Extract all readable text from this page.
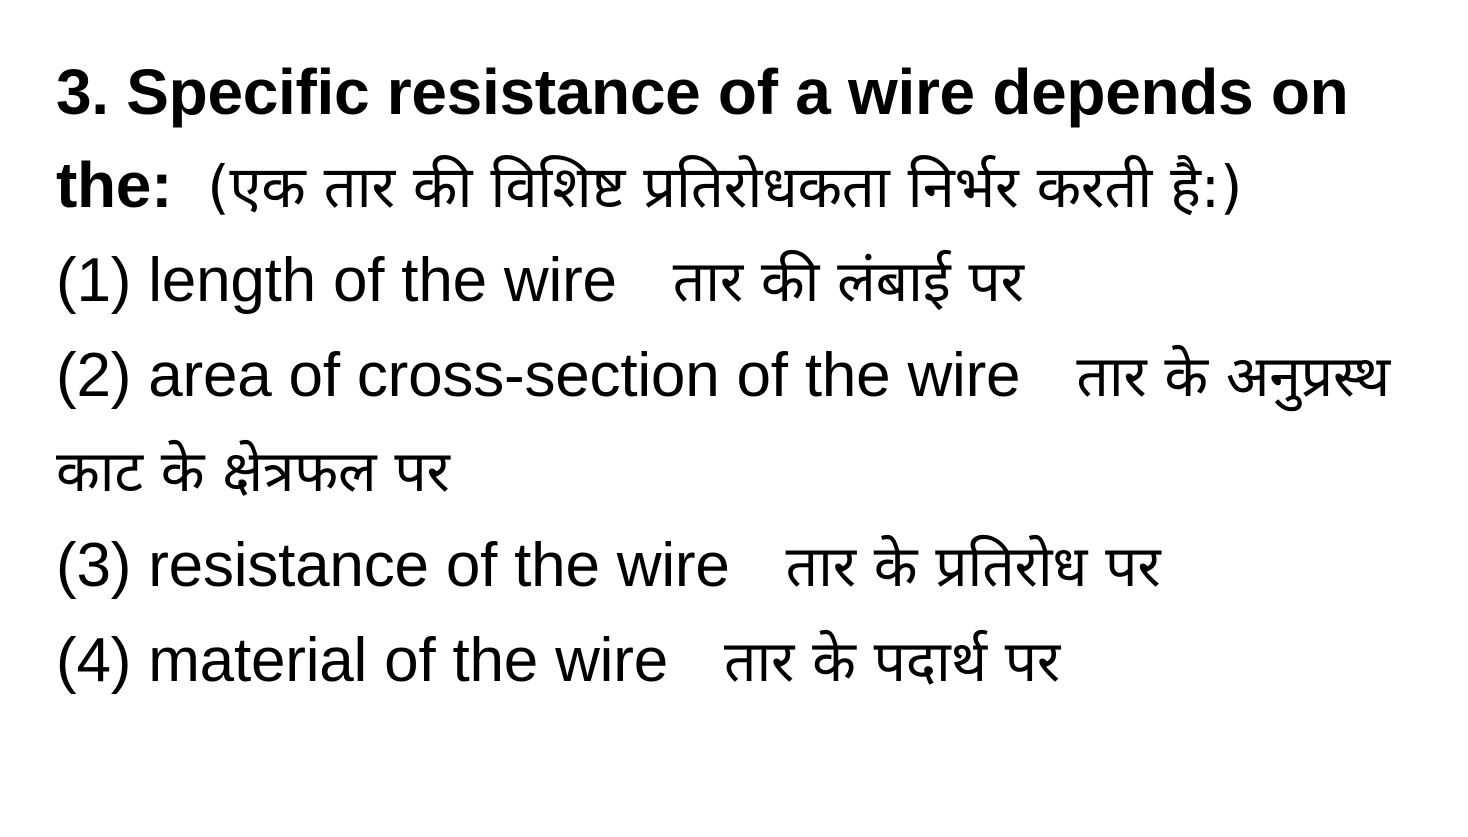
3. Specific resistance of a wire depends on the: (एक तार की विशिष्ट प्रतिरोधकता निर्भर करती है:)

(1) length of the wire तार की लंबाई पर
(2) area of cross-section of the wire तार के अनुप्रस्थ काट के क्षेत्रफल पर
(3) resistance of the wire तार के प्रतिरोध पर
(4) material of the wire तार के पदार्थ पर
